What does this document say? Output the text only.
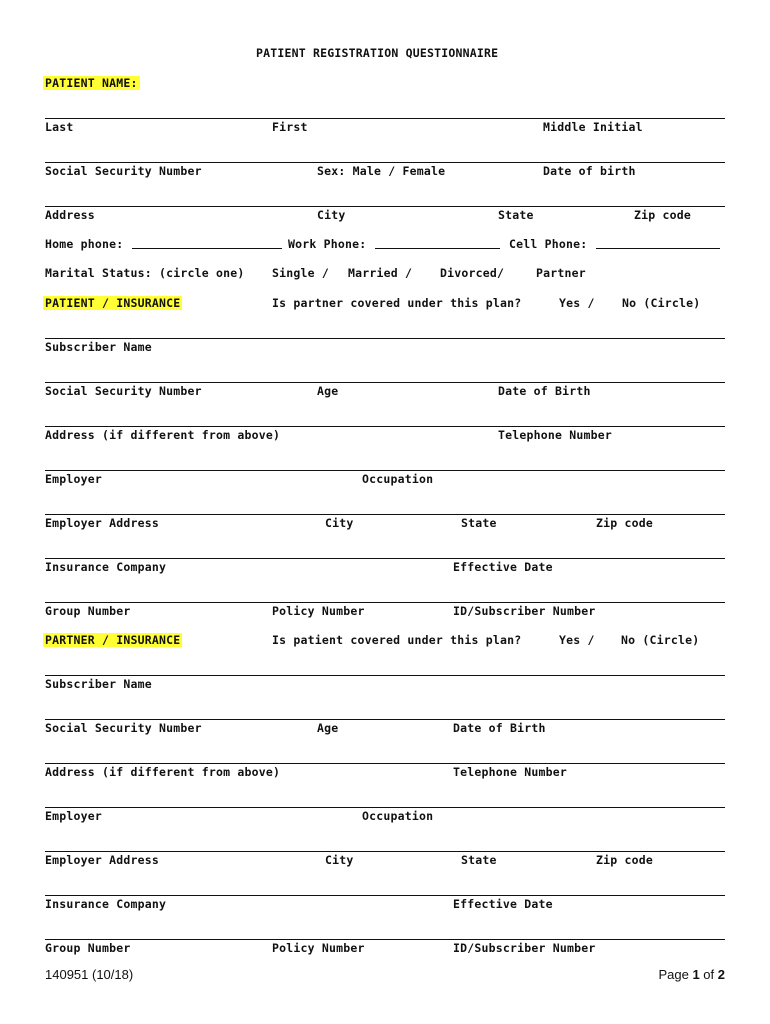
PATIENT REGISTRATION QUESTIONNAIRE
PATIENT NAME:
Last	First	Middle Initial
Social Security Number	Sex: Male / Female	Date of birth
Address	City	State	Zip code
Home phone:	Work Phone:	Cell Phone:
Marital Status: (circle one) Single / Married / Divorced/	Partner
PATIENT / INSURANCE	Is partner covered under this plan?	Yes / No (Circle)
Subscriber Name
Social Security Number	Age	Date of Birth
Address (if different from above)	Telephone Number
Employer	Occupation
Employer Address	City	State	Zip code
Insurance Company	Effective Date
Group Number	Policy Number	ID/Subscriber Number
PARTNER / INSURANCE	Is patient covered under this plan?	Yes / No (Circle)
Subscriber Name
Social Security Number	Age	Date of Birth
Address (if different from above)	Telephone Number
Employer	Occupation
Employer Address	City	State	Zip code
Insurance Company	Effective Date
Group Number	Policy Number	ID/Subscriber Number
140951 (10/18)	Page 1 of 2
